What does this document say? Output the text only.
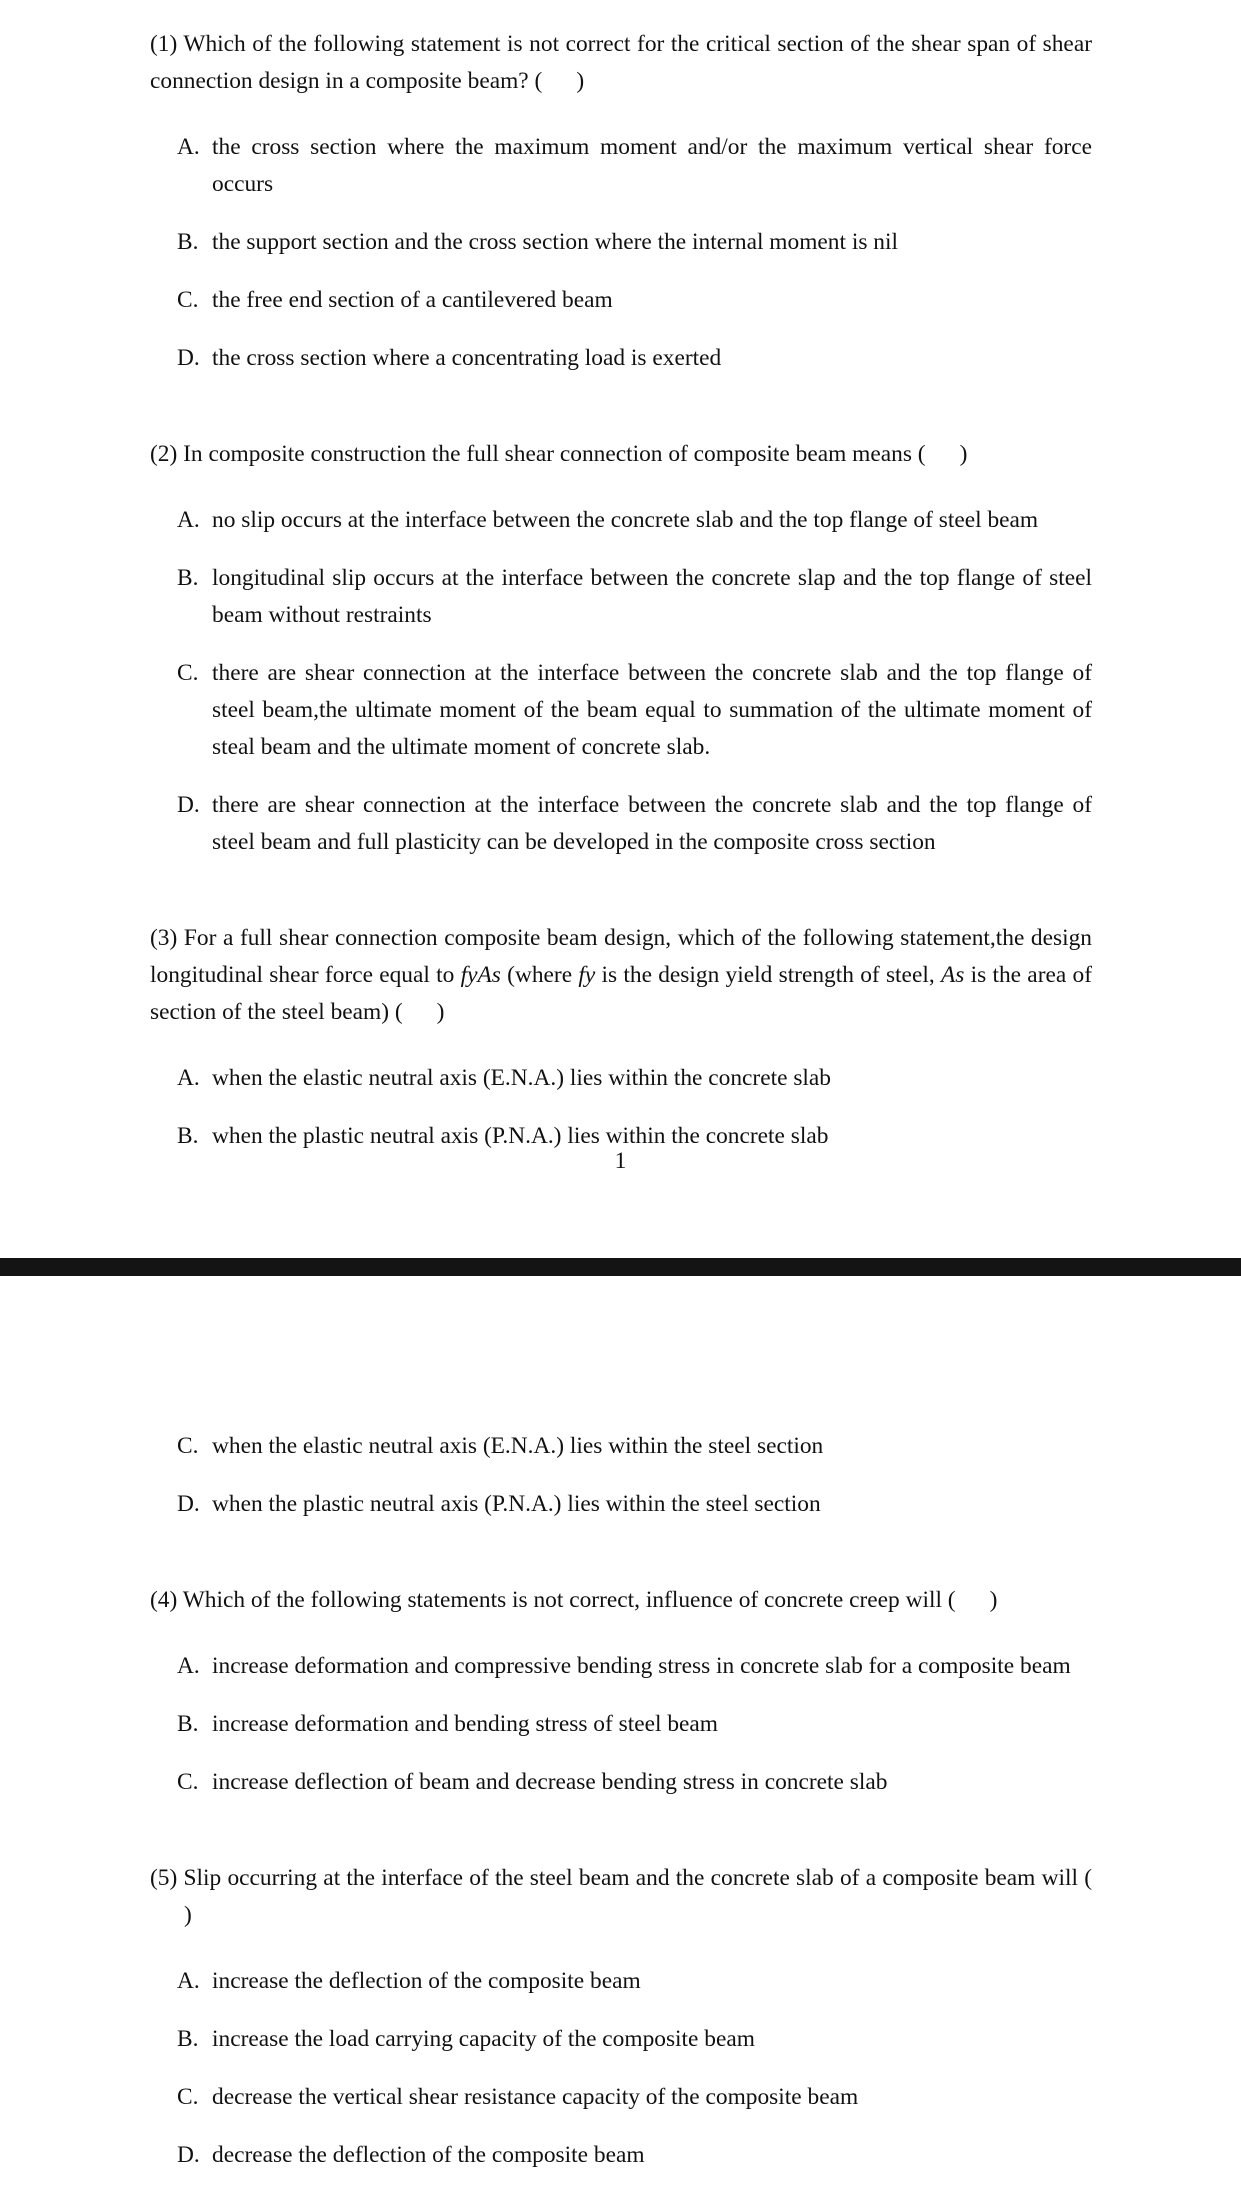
(1) Which of the following statement is not correct for the critical section of the shear span of shear connection design in a composite beam? ( )

A. the cross section where the maximum moment and/or the maximum vertical shear force occurs
B. the support section and the cross section where the internal moment is nil
C. the free end section of a cantilevered beam
D. the cross section where a concentrating load is exerted

(2) In composite construction the full shear connection of composite beam means ( )

A. no slip occurs at the interface between the concrete slab and the top flange of steel beam
B. longitudinal slip occurs at the interface between the concrete slap and the top flange of steel beam without restraints
C. there are shear connection at the interface between the concrete slab and the top flange of steel beam,the ultimate moment of the beam equal to summation of the ultimate moment of steal beam and the ultimate moment of concrete slab.
D. there are shear connection at the interface between the concrete slab and the top flange of steel beam and full plasticity can be developed in the composite cross section

(3) For a full shear connection composite beam design, which of the following statement,the design longitudinal shear force equal to fyAs (where fy is the design yield strength of steel, As is the area of section of the steel beam) ( )

A. when the elastic neutral axis (E.N.A.) lies within the concrete slab
B. when the plastic neutral axis (P.N.A.) lies within the concrete slab
1
C. when the elastic neutral axis (E.N.A.) lies within the steel section
D. when the plastic neutral axis (P.N.A.) lies within the steel section

(4) Which of the following statements is not correct, influence of concrete creep will ( )

A. increase deformation and compressive bending stress in concrete slab for a composite beam
B. increase deformation and bending stress of steel beam
C. increase deflection of beam and decrease bending stress in concrete slab

(5) Slip occurring at the interface of the steel beam and the concrete slab of a composite beam will (    )

A. increase the deflection of the composite beam
B. increase the load carrying capacity of the composite beam
C. decrease the vertical shear resistance capacity of the composite beam
D. decrease the deflection of the composite beam
